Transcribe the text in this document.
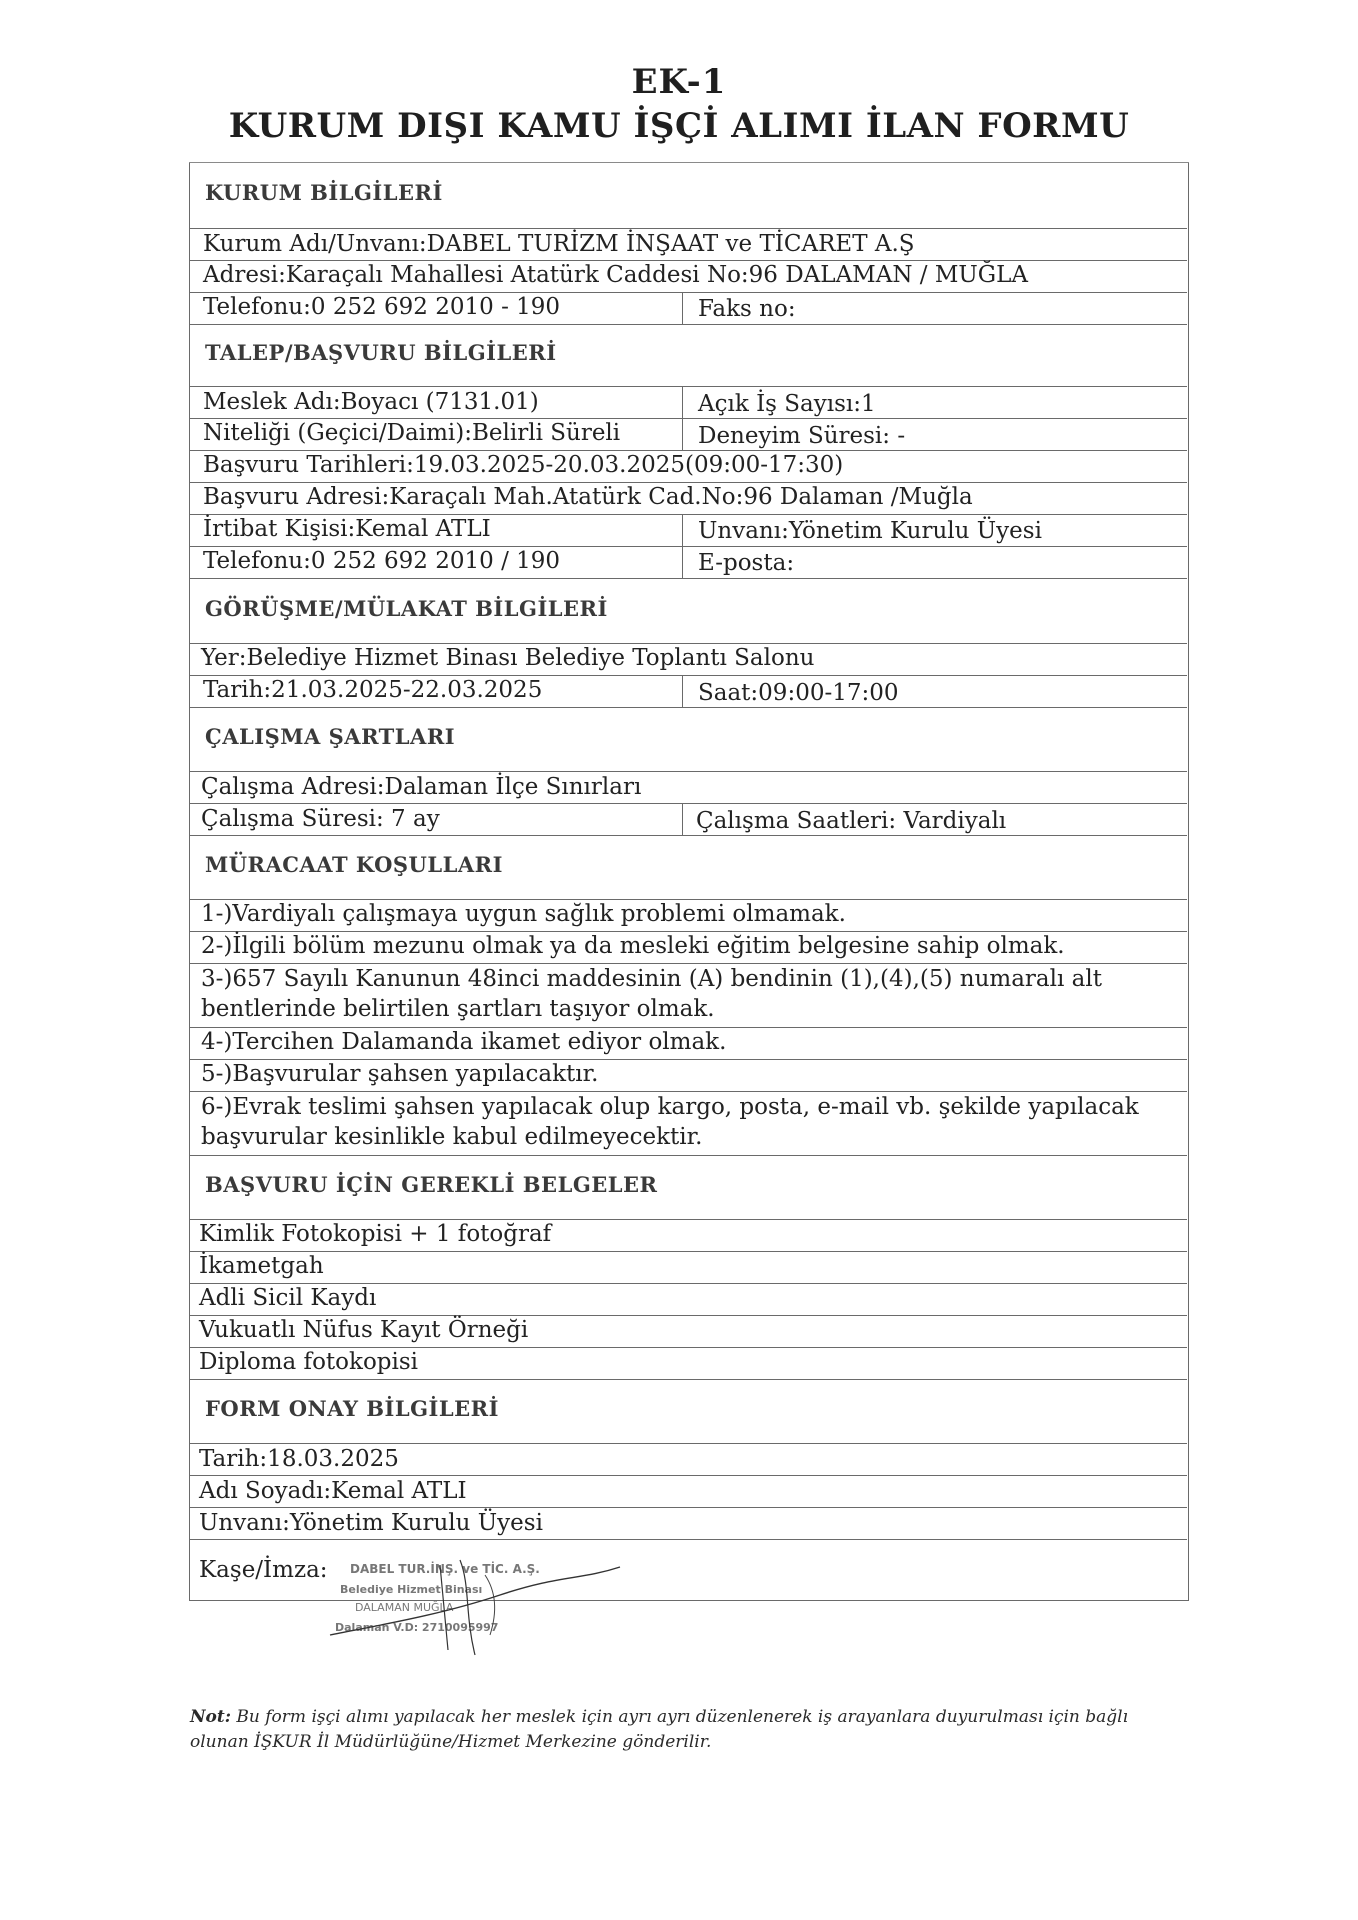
EK-1
KURUM DIŞI KAMU İŞÇİ ALIMI İLAN FORMU
KURUM BİLGİLERİ
Kurum Adı/Unvanı:DABEL TURİZM İNŞAAT ve TİCARET A.Ş
Adresi:Karaçalı Mahallesi Atatürk Caddesi No:96 DALAMAN / MUĞLA
Telefonu:0 252 692 2010 - 190	Faks no:
TALEP/BAŞVURU BİLGİLERİ
Meslek Adı:Boyacı (7131.01)	Açık İş Sayısı:1
Niteliği (Geçici/Daimi):Belirli Süreli	Deneyim Süresi: -
Başvuru Tarihleri:19.03.2025-20.03.2025(09:00-17:30)
Başvuru Adresi:Karaçalı Mah.Atatürk Cad.No:96 Dalaman /Muğla
İrtibat Kişisi:Kemal ATLI	Unvanı:Yönetim Kurulu Üyesi
Telefonu:0 252 692 2010 / 190	E-posta:
GÖRÜŞME/MÜLAKAT BİLGİLERİ
Yer:Belediye Hizmet Binası Belediye Toplantı Salonu
Tarih:21.03.2025-22.03.2025	Saat:09:00-17:00
ÇALIŞMA ŞARTLARI
Çalışma Adresi:Dalaman İlçe Sınırları
Çalışma Süresi: 7 ay	Çalışma Saatleri: Vardiyalı
MÜRACAAT KOŞULLARI
1-)Vardiyalı çalışmaya uygun sağlık problemi olmamak.
2-)İlgili bölüm mezunu olmak ya da mesleki eğitim belgesine sahip olmak.
3-)657 Sayılı Kanunun 48inci maddesinin (A) bendinin (1),(4),(5) numaralı alt
bentlerinde belirtilen şartları taşıyor olmak.
4-)Tercihen Dalamanda ikamet ediyor olmak.
5-)Başvurular şahsen yapılacaktır.
6-)Evrak teslimi şahsen yapılacak olup kargo, posta, e-mail vb. şekilde yapılacak
başvurular kesinlikle kabul edilmeyecektir.
BAŞVURU İÇİN GEREKLİ BELGELER
Kimlik Fotokopisi + 1 fotoğraf
İkametgah
Adli Sicil Kaydı
Vukuatlı Nüfus Kayıt Örneği
Diploma fotokopisi
FORM ONAY BİLGİLERİ
Tarih:18.03.2025
Adı Soyadı:Kemal ATLI
Unvanı:Yönetim Kurulu Üyesi
Kaşe/İmza: DABEL TUR.İNŞ. ve TİC. A.Ş.
Belediye Hizmet Binası
DALAMAN MUĞLA
Dalaman V.D: 2710095997
Not: Bu form işçi alımı yapılacak her meslek için ayrı ayrı düzenlenerek iş arayanlara duyurulması için bağlı olunan İŞKUR İl Müdürlüğüne/Hizmet Merkezine gönderilir.
